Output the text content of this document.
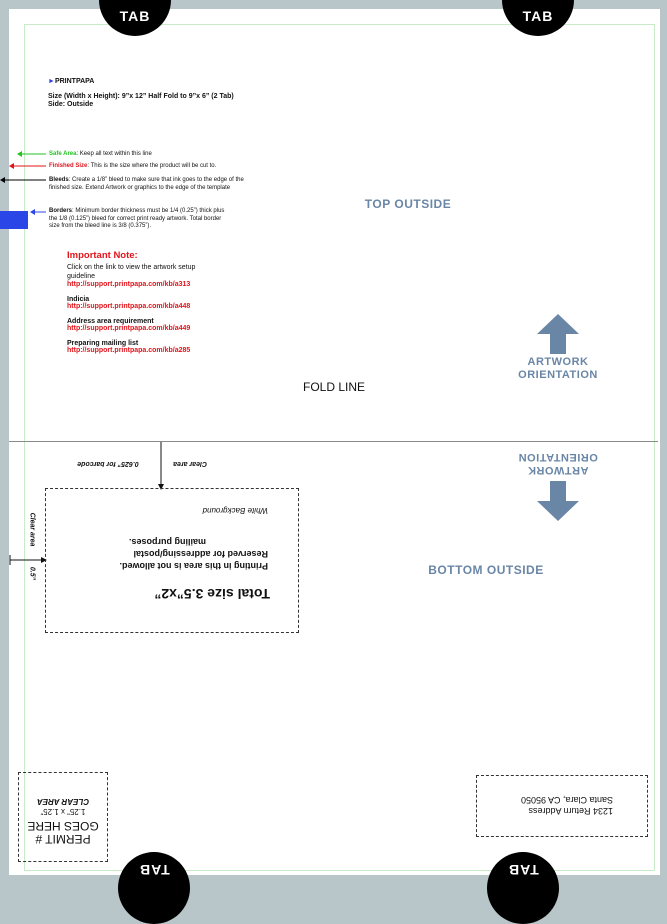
TAB	TAB
TAB	TAB
►PRINTPAPA
Size (Width x Height): 9”x 12” Half Fold to 9”x 6” (2 Tab)
Side: Outside
Safe Area: Keep all text within this line
Finished Size: This is the size where the product will be cut to.
Bleeds: Create a 1/8” bleed to make sure that ink goes to the edge of the finished size. Extend Artwork or graphics to the edge of the template
Borders: Minimum border thickness must be 1/4 (0.25”) thick plus the 1/8 (0.125”) bleed for correct print ready artwork. Total border size from the bleed line is 3/8 (0.375”).
Important Note:
Click on the link to view the artwork setup guideline
http://support.printpapa.com/kb/a313
Indicia
http://support.printpapa.com/kb/a448
Address area requirement
http://support.printpapa.com/kb/a449
Preparing mailing list
http://support.printpapa.com/kb/a285
TOP OUTSIDE
ARTWORK
ORIENTATION
FOLD LINE
ARTWORK
ORIENTATION
BOTTOM OUTSIDE
0.625” for barcode	Clear area
Clear area
0.5”
Total size 3.5”x2”
Printing in this area is not allowed.
Reserved for addressing/postal
mailing purposes.
White Background
PERMIT #
GOES HERE
1.25” x 1.25”
CLEAR AREA
1234 Return Address
Santa Clara, CA 95050
